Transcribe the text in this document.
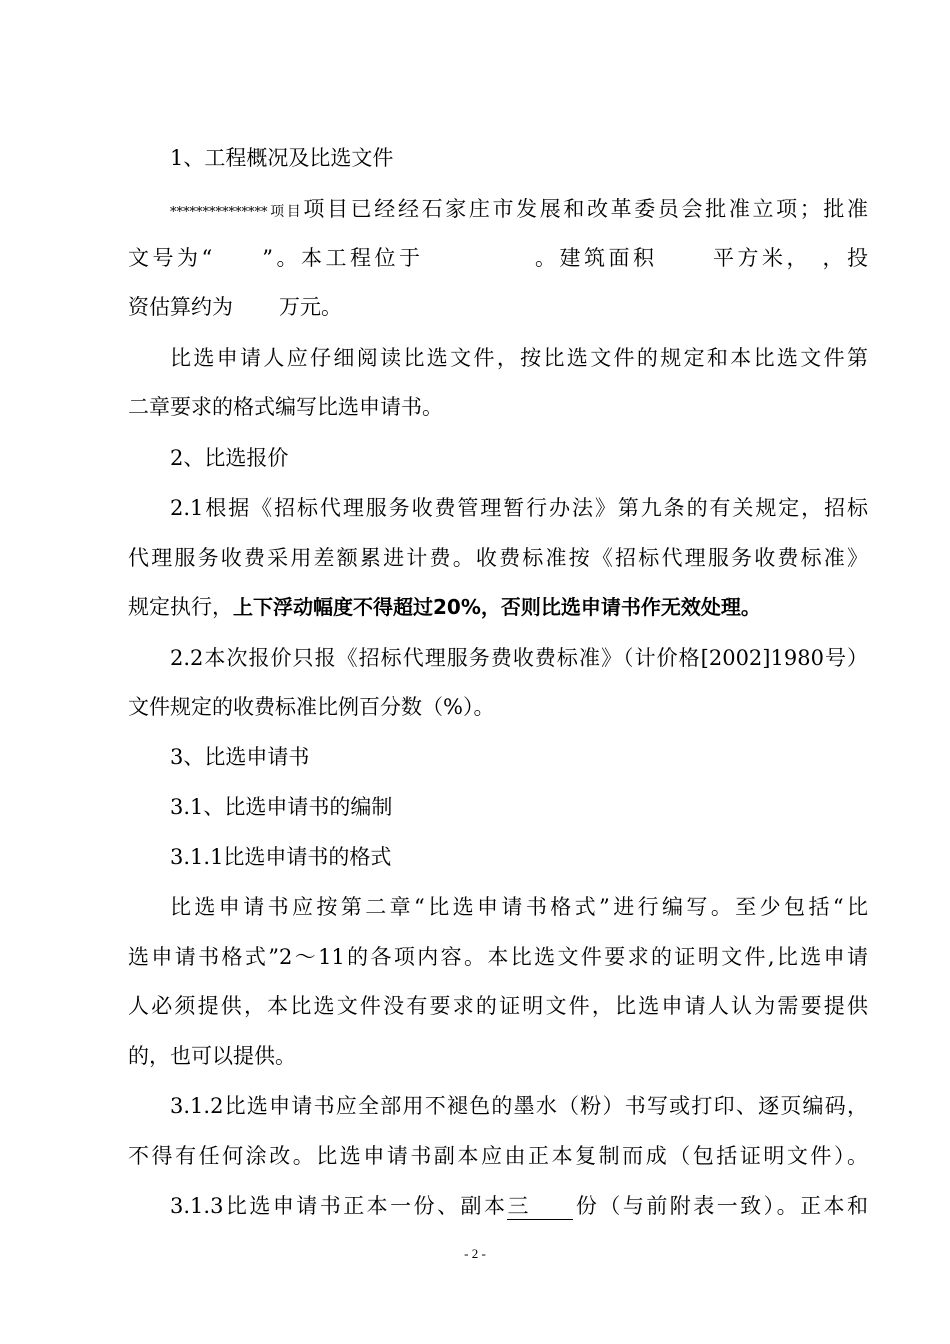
1、工程概况及比选文件
***************项目项目已经经石家庄市发展和改革委员会批准立项；批准
文号为“ ”。本工程位于	。建筑面积 平方米， ，投
资估算约为 万元。
比选申请人应仔细阅读比选文件，按比选文件的规定和本比选文件第
二章要求的格式编写比选申请书。
2、比选报价
2.1根据《招标代理服务收费管理暂行办法》第九条的有关规定，招标
代理服务收费采用差额累进计费。收费标准按《招标代理服务收费标准》
规定执行，上下浮动幅度不得超过20%，否则比选申请书作无效处理。
2.2本次报价只报《招标代理服务费收费标准》（计价格[2002]1980号）
文件规定的收费标准比例百分数（%）。
3、比选申请书
3.1、比选申请书的编制
3.1.1比选申请书的格式
比选申请书应按第二章“比选申请书格式”进行编写。至少包括“比
选申请书格式”2～11的各项内容。本比选文件要求的证明文件,比选申请
人必须提供，本比选文件没有要求的证明文件，比选申请人认为需要提供
的，也可以提供。
3.1.2比选申请书应全部用不褪色的墨水（粉）书写或打印、逐页编码，
不得有任何涂改。比选申请书副本应由正本复制而成（包括证明文件）。
3.1.3比选申请书正本一份、副本三 份（与前附表一致）。正本和
- 2 -
